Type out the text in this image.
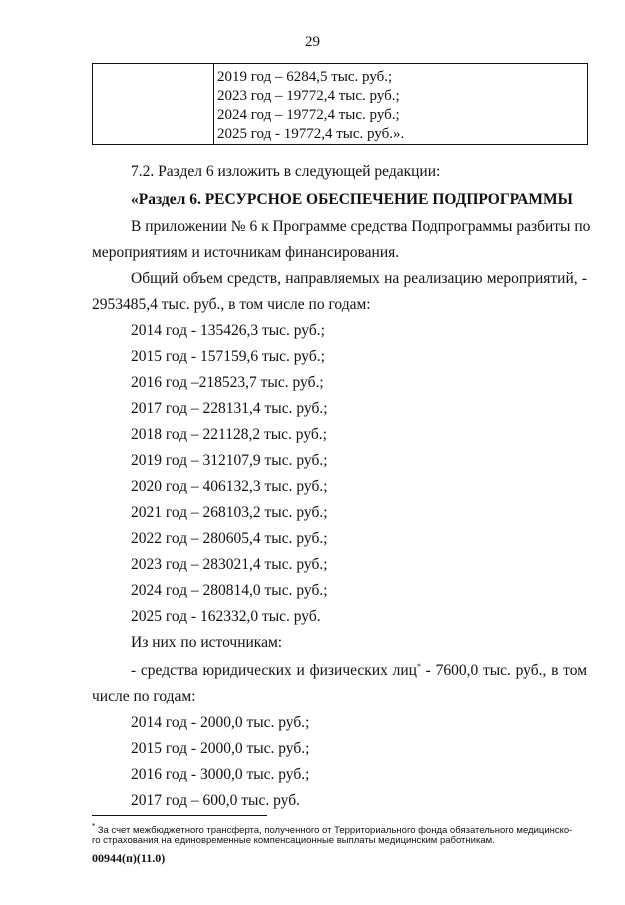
29
2019 год – 6284,5 тыс. руб.;
2023 год – 19772,4 тыс. руб.;
2024 год – 19772,4 тыс. руб.;
2025 год - 19772,4 тыс. руб.».
7.2. Раздел 6 изложить в следующей редакции:
«Раздел 6. РЕСУРСНОЕ ОБЕСПЕЧЕНИЕ ПОДПРОГРАММЫ
В приложении № 6 к Программе средства Подпрограммы разбиты по
мероприятиям и источникам финансирования.
Общий объем средств, направляемых на реализацию мероприятий, -
2953485,4 тыс. руб., в том числе по годам:
2014 год - 135426,3 тыс. руб.;
2015 год - 157159,6 тыс. руб.;
2016 год –218523,7 тыс. руб.;
2017 год – 228131,4 тыс. руб.;
2018 год – 221128,2 тыс. руб.;
2019 год – 312107,9 тыс. руб.;
2020 год – 406132,3 тыс. руб.;
2021 год – 268103,2 тыс. руб.;
2022 год – 280605,4 тыс. руб.;
2023 год – 283021,4 тыс. руб.;
2024 год – 280814,0 тыс. руб.;
2025 год - 162332,0 тыс. руб.
Из них по источникам:
- средства юридических и физических лиц* - 7600,0 тыс. руб., в том
числе по годам:
2014 год - 2000,0 тыс. руб.;
2015 год - 2000,0 тыс. руб.;
2016 год - 3000,0 тыс. руб.;
2017 год – 600,0 тыс. руб.
* За счет межбюджетного трансферта, полученного от Территориального фонда обязательного медицинско-
го страхования на единовременные компенсационные выплаты медицинским работникам.
00944(п)(11.0)
